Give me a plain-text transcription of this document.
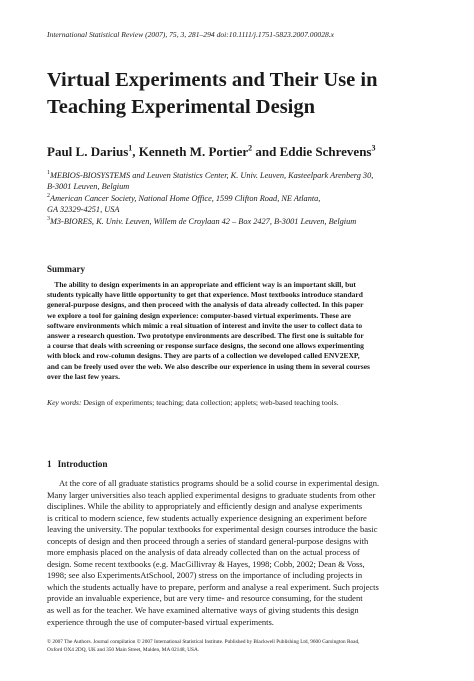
International Statistical Review (2007), 75, 3, 281–294 doi:10.1111/j.1751-5823.2007.00028.x
Virtual Experiments and Their Use in
Teaching Experimental Design
Paul L. Darius$^1$, Kenneth M. Portier$^2$ and Eddie Schrevens$^3$
$^1$MEBIOS-BIOSYSTEMS and Leuven Statistics Center, K. Univ. Leuven, Kasteelpark Arenberg 30,
B-3001 Leuven, Belgium
$^2$American Cancer Society, National Home Office, 1599 Clifton Road, NE Atlanta,
GA 32329-4251, USA
$^3$M3-BIORES, K. Univ. Leuven, Willem de Croylaan 42 – Box 2427, B-3001 Leuven, Belgium
Summary
The ability to design experiments in an appropriate and efficient way is an important skill, but
students typically have little opportunity to get that experience. Most textbooks introduce standard
general-purpose designs, and then proceed with the analysis of data already collected. In this paper
we explore a tool for gaining design experience: computer-based virtual experiments. These are
software environments which mimic a real situation of interest and invite the user to collect data to
answer a research question. Two prototype environments are described. The first one is suitable for
a course that deals with screening or response surface designs, the second one allows experimenting
with block and row-column designs. They are parts of a collection we developed called ENV2EXP,
and can be freely used over the web. We also describe our experience in using them in several courses
over the last few years.
Key words: Design of experiments; teaching; data collection; applets; web-based teaching tools.
1 Introduction
At the core of all graduate statistics programs should be a solid course in experimental design.
Many larger universities also teach applied experimental designs to graduate students from other
disciplines. While the ability to appropriately and efficiently design and analyse experiments
is critical to modern science, few students actually experience designing an experiment before
leaving the university. The popular textbooks for experimental design courses introduce the basic
concepts of design and then proceed through a series of standard general-purpose designs with
more emphasis placed on the analysis of data already collected than on the actual process of
design. Some recent textbooks (e.g. MacGillivray & Hayes, 1998; Cobb, 2002; Dean & Voss,
1998; see also ExperimentsAtSchool, 2007) stress on the importance of including projects in
which the students actually have to prepare, perform and analyse a real experiment. Such projects
provide an invaluable experience, but are very time- and resource consuming, for the student
as well as for the teacher. We have examined alternative ways of giving students this design
experience through the use of computer-based virtual experiments.
© 2007 The Authors. Journal compilation © 2007 International Statistical Institute. Published by Blackwell Publishing Ltd, 9600 Garsington Road,
Oxford OX4 2DQ, UK and 350 Main Street, Malden, MA 02148, USA.
